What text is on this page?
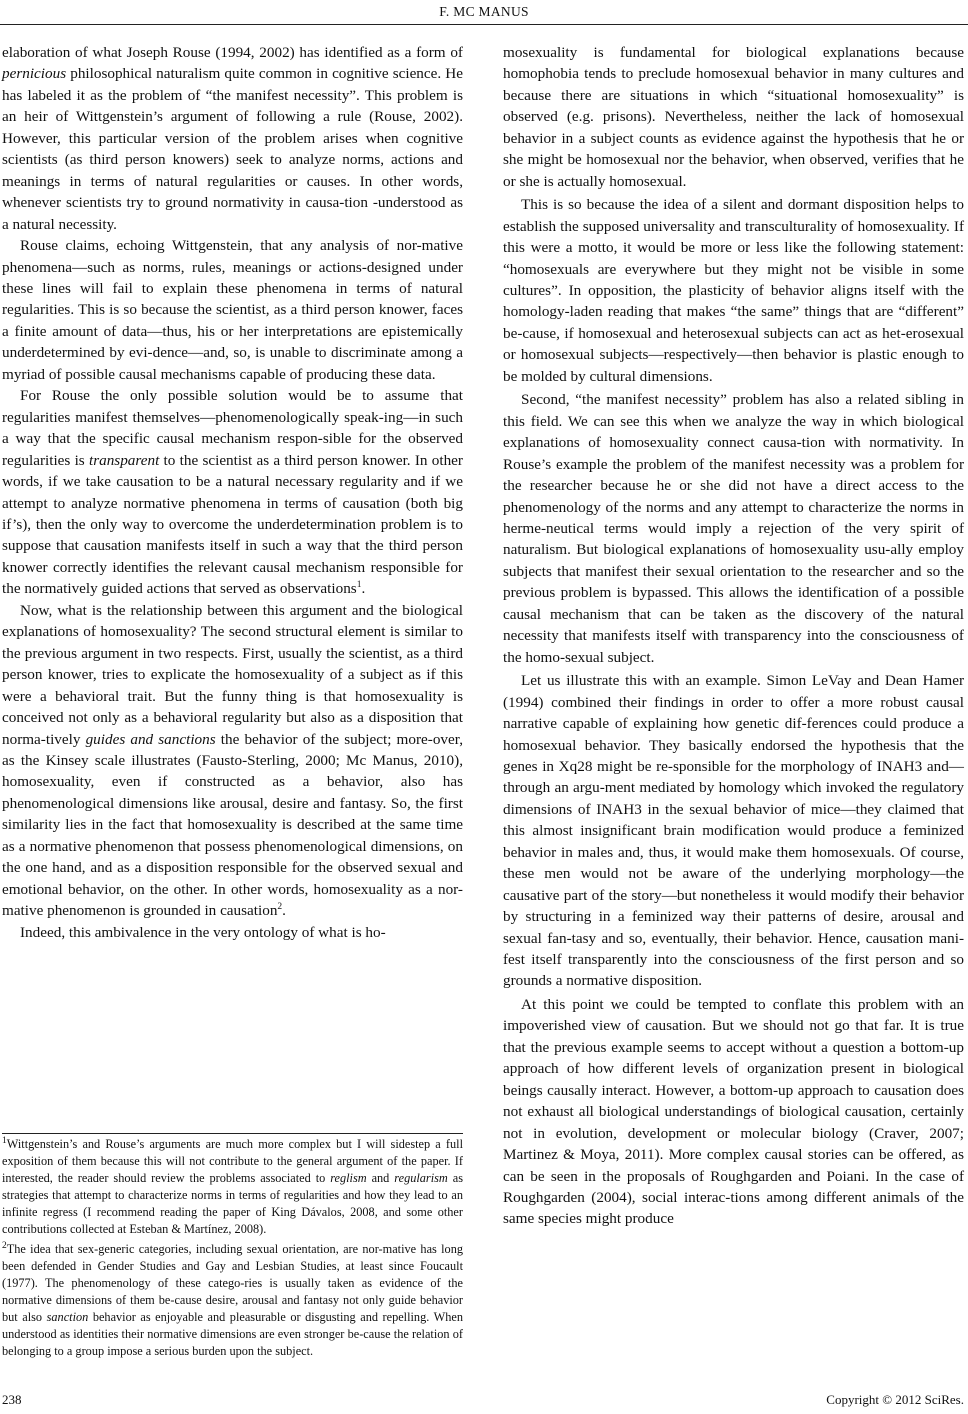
F. MC MANUS

elaboration of what Joseph Rouse (1994, 2002) has identified as a form of pernicious philosophical naturalism quite common in cognitive science. He has labeled it as the problem of “the manifest necessity”. This problem is an heir of Wittgenstein’s argument of following a rule (Rouse, 2002). However, this particular version of the problem arises when cognitive scientists (as third person knowers) seek to analyze norms, actions and meanings in terms of natural regularities or causes. In other words, whenever scientists try to ground normativity in causa-tion -understood as a natural necessity.

Rouse claims, echoing Wittgenstein, that any analysis of nor-mative phenomena—such as norms, rules, meanings or actions-designed under these lines will fail to explain these phenomena in terms of natural regularities. This is so because the scientist, as a third person knower, faces a finite amount of data—thus, his or her interpretations are epistemically underdetermined by evi-dence—and, so, is unable to discriminate among a myriad of possible causal mechanisms capable of producing these data.

For Rouse the only possible solution would be to assume that regularities manifest themselves—phenomenologically speak-ing—in such a way that the specific causal mechanism respon-sible for the observed regularities is transparent to the scientist as a third person knower. In other words, if we take causation to be a natural necessary regularity and if we attempt to analyze normative phenomena in terms of causation (both big if’s), then the only way to overcome the underdetermination problem is to suppose that causation manifests itself in such a way that the third person knower correctly identifies the relevant causal mechanism responsible for the normatively guided actions that served as observations$^1$.

Now, what is the relationship between this argument and the biological explanations of homosexuality? The second structural element is similar to the previous argument in two respects. First, usually the scientist, as a third person knower, tries to explicate the homosexuality of a subject as if this were a behavioral trait. But the funny thing is that homosexuality is conceived not only as a behavioral regularity but also as a disposition that norma-tively guides and sanctions the behavior of the subject; more-over, as the Kinsey scale illustrates (Fausto-Sterling, 2000; Mc Manus, 2010), homosexuality, even if constructed as a behavior, also has phenomenological dimensions like arousal, desire and fantasy. So, the first similarity lies in the fact that homosexuality is described at the same time as a normative phenomenon that possess phenomenological dimensions, on the one hand, and as a disposition responsible for the observed sexual and emotional behavior, on the other. In other words, homosexuality as a nor-mative phenomenon is grounded in causation$^2$.

Indeed, this ambivalence in the very ontology of what is ho-

$^1$Wittgenstein’s and Rouse’s arguments are much more complex but I will sidestep a full exposition of them because this will not contribute to the general argument of the paper. If interested, the reader should review the problems associated to reglism and regularism as strategies that attempt to characterize norms in terms of regularities and how they lead to an infinite regress (I recommend reading the paper of King Dávalos, 2008, and some other contributions collected at Esteban & Martínez, 2008).

$^2$The idea that sex-generic categories, including sexual orientation, are nor-mative has long been defended in Gender Studies and Gay and Lesbian Studies, at least since Foucault (1977). The phenomenology of these catego-ries is usually taken as evidence of the normative dimensions of them be-cause desire, arousal and fantasy not only guide behavior but also sanction behavior as enjoyable and pleasurable or disgusting and repelling. When understood as identities their normative dimensions are even stronger be-cause the relation of belonging to a group impose a serious burden upon the subject.

mosexuality is fundamental for biological explanations because homophobia tends to preclude homosexual behavior in many cultures and because there are situations in which “situational homosexuality” is observed (e.g. prisons). Nevertheless, neither the lack of homosexual behavior in a subject counts as evidence against the hypothesis that he or she might be homosexual nor the behavior, when observed, verifies that he or she is actually homosexual.

This is so because the idea of a silent and dormant disposition helps to establish the supposed universality and transculturality of homosexuality. If this were a motto, it would be more or less like the following statement: “homosexuals are everywhere but they might not be visible in some cultures”. In opposition, the plasticity of behavior aligns itself with the homology-laden reading that makes “the same” things that are “different” be-cause, if homosexual and heterosexual subjects can act as het-erosexual or homosexual subjects—respectively—then behavior is plastic enough to be molded by cultural dimensions.

Second, “the manifest necessity” problem has also a related sibling in this field. We can see this when we analyze the way in which biological explanations of homosexuality connect causa-tion with normativity. In Rouse’s example the problem of the manifest necessity was a problem for the researcher because he or she did not have a direct access to the phenomenology of the norms and any attempt to characterize the norms in herme-neutical terms would imply a rejection of the very spirit of naturalism. But biological explanations of homosexuality usu-ally employ subjects that manifest their sexual orientation to the researcher and so the previous problem is bypassed. This allows the identification of a possible causal mechanism that can be taken as the discovery of the natural necessity that manifests itself with transparency into the consciousness of the homo-sexual subject.

Let us illustrate this with an example. Simon LeVay and Dean Hamer (1994) combined their findings in order to offer a more robust causal narrative capable of explaining how genetic dif-ferences could produce a homosexual behavior. They basically endorsed the hypothesis that the genes in Xq28 might be re-sponsible for the morphology of INAH3 and—through an argu-ment mediated by homology which invoked the regulatory dimensions of INAH3 in the sexual behavior of mice—they claimed that this almost insignificant brain modification would produce a feminized behavior in males and, thus, it would make them homosexuals. Of course, these men would not be aware of the underlying morphology—the causative part of the story—but nonetheless it would modify their behavior by structuring in a feminized way their patterns of desire, arousal and sexual fan-tasy and so, eventually, their behavior. Hence, causation mani-fest itself transparently into the consciousness of the first person and so grounds a normative disposition.

At this point we could be tempted to conflate this problem with an impoverished view of causation. But we should not go that far. It is true that the previous example seems to accept without a question a bottom-up approach of how different levels of organization present in biological beings causally interact. However, a bottom-up approach to causation does not exhaust all biological understandings of biological causation, certainly not in evolution, development or molecular biology (Craver, 2007; Martinez & Moya, 2011). More complex causal stories can be offered, as can be seen in the proposals of Roughgarden and Poiani. In the case of Roughgarden (2004), social interac-tions among different animals of the same species might produce

238	Copyright © 2012 SciRes.
